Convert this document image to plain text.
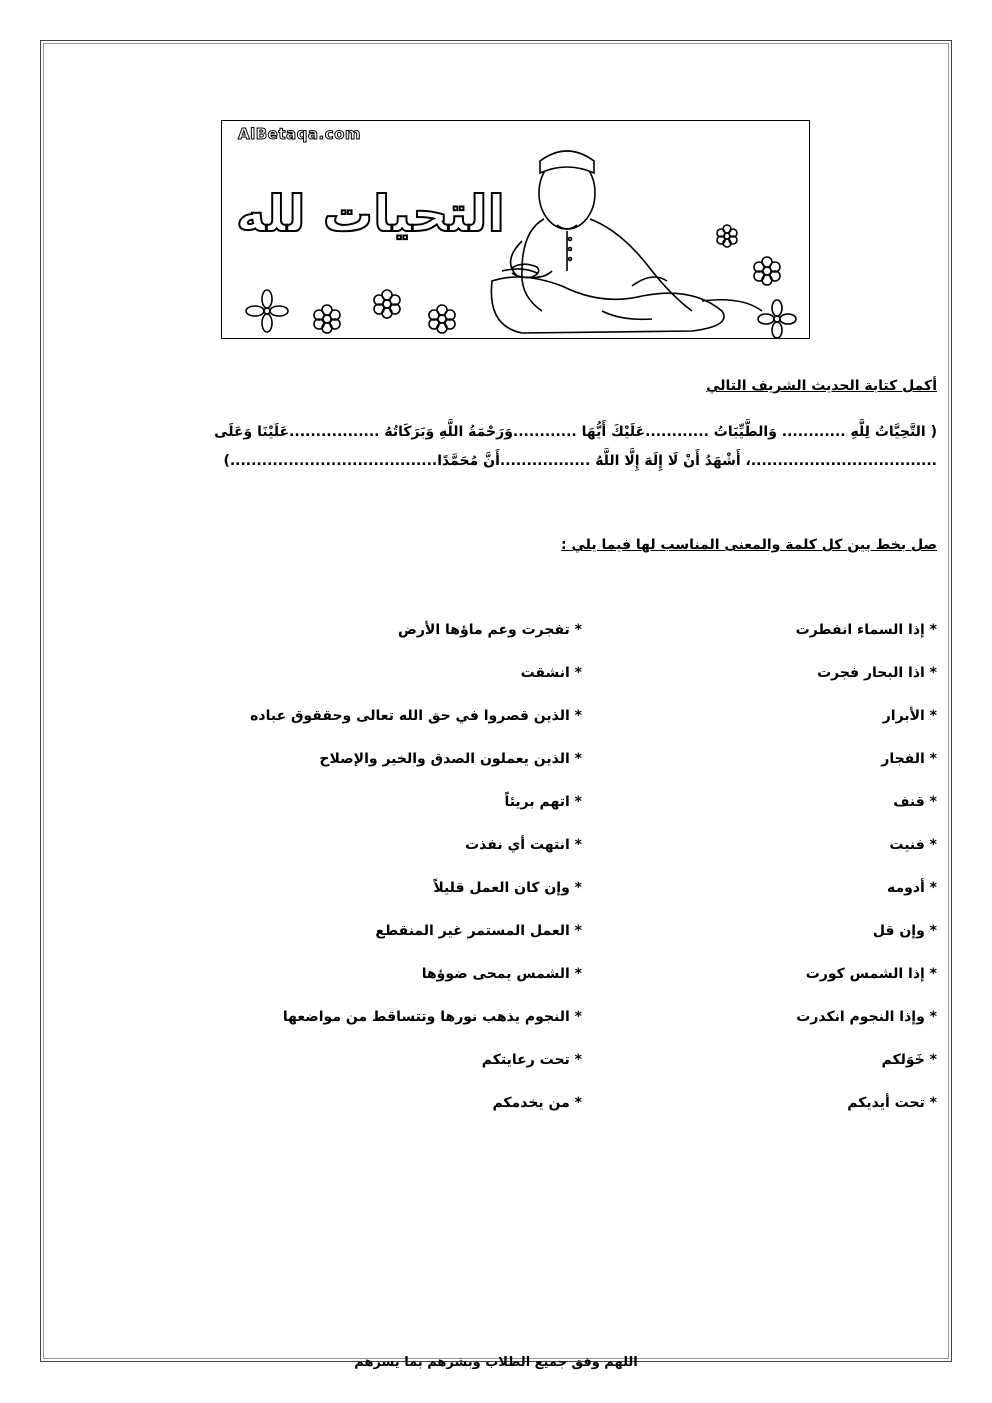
AlBetaqa.com
التحيات لله
أكمل كتابة الحديث الشريف التالي
( التَّحِيَّاتُ لِلَّهِ ............ وَالطَّيِّبَاتُ ............عَلَيْكَ أَيُّهَا ............وَرَحْمَةُ اللَّهِ وَبَرَكَاتُهُ .................عَلَيْنَا وَعَلَى
...................................، أَشْهَدُ أَنْ لَا إِلَهَ إِلَّا اللَّهُ .................أَنَّ مُحَمَّدًا.......................................)
صل بخط بين كل كلمة والمعنى المناسب لها فيما يلي :
* إذا السماء انفطرت
* تفجرت وعم ماؤها الأرض
* اذا البحار فجرت
* انشقت
* الأبرار
* الذين قصروا في حق الله تعالى وحققوق عباده
* الفجار
* الذين يعملون الصدق والخير والإصلاح
* قنف
* اتهم بريئاً
* فنيت
* انتهت أي نفذت
* أدومه
* وإن كان العمل قليلاً
* وإن قل
* العمل المستمر غير المنقطع
* إذا الشمس كورت
* الشمس يمحى ضوؤها
* وإذا النجوم انكدرت
* النجوم يذهب نورها وتتساقط من مواضعها
* خَوَلكم
* تحت رعايتكم
* تحت أيديكم
* من يخدمكم
اللهم وفق جميع الطلاب وبشرهم بما يسرهم
